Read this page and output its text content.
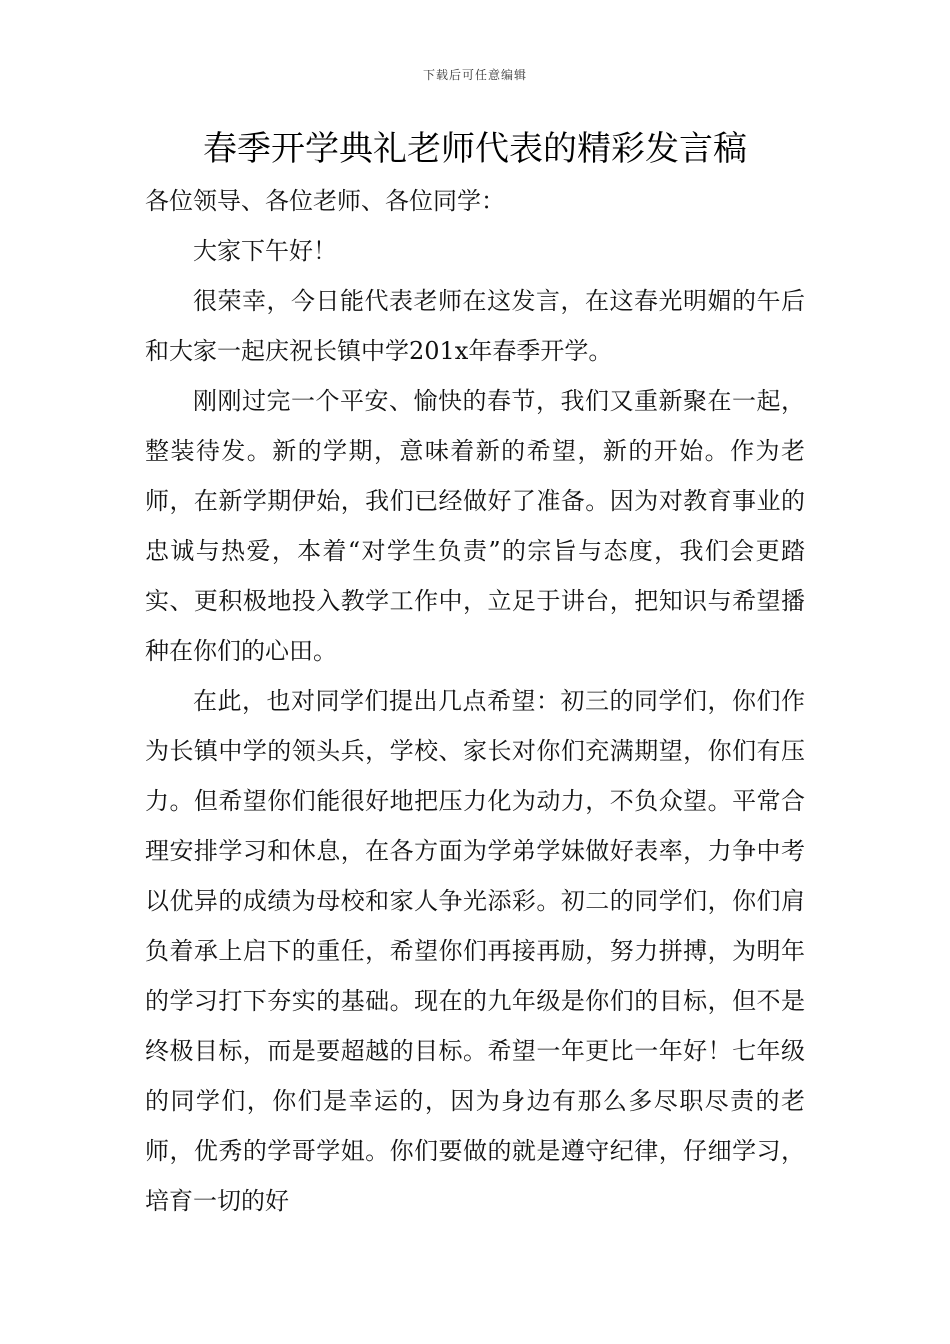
下载后可任意编辑
春季开学典礼老师代表的精彩发言稿

各位领导、各位老师、各位同学：

大家下午好！

很荣幸，今日能代表老师在这发言，在这春光明媚的午后和大家一起庆祝长镇中学201x年春季开学。

刚刚过完一个平安、愉快的春节，我们又重新聚在一起，整装待发。新的学期，意味着新的希望，新的开始。作为老师，在新学期伊始，我们已经做好了准备。因为对教育事业的忠诚与热爱，本着“对学生负责”的宗旨与态度，我们会更踏实、更积极地投入教学工作中，立足于讲台，把知识与希望播种在你们的心田。

在此，也对同学们提出几点希望：初三的同学们，你们作为长镇中学的领头兵，学校、家长对你们充满期望，你们有压力。但希望你们能很好地把压力化为动力，不负众望。平常合理安排学习和休息，在各方面为学弟学妹做好表率，力争中考以优异的成绩为母校和家人争光添彩。初二的同学们，你们肩负着承上启下的重任，希望你们再接再励，努力拼搏，为明年的学习打下夯实的基础。现在的九年级是你们的目标，但不是终极目标，而是要超越的目标。希望一年更比一年好！七年级的同学们，你们是幸运的，因为身边有那么多尽职尽责的老师，优秀的学哥学姐。你们要做的就是遵守纪律，仔细学习，培育一切的好
